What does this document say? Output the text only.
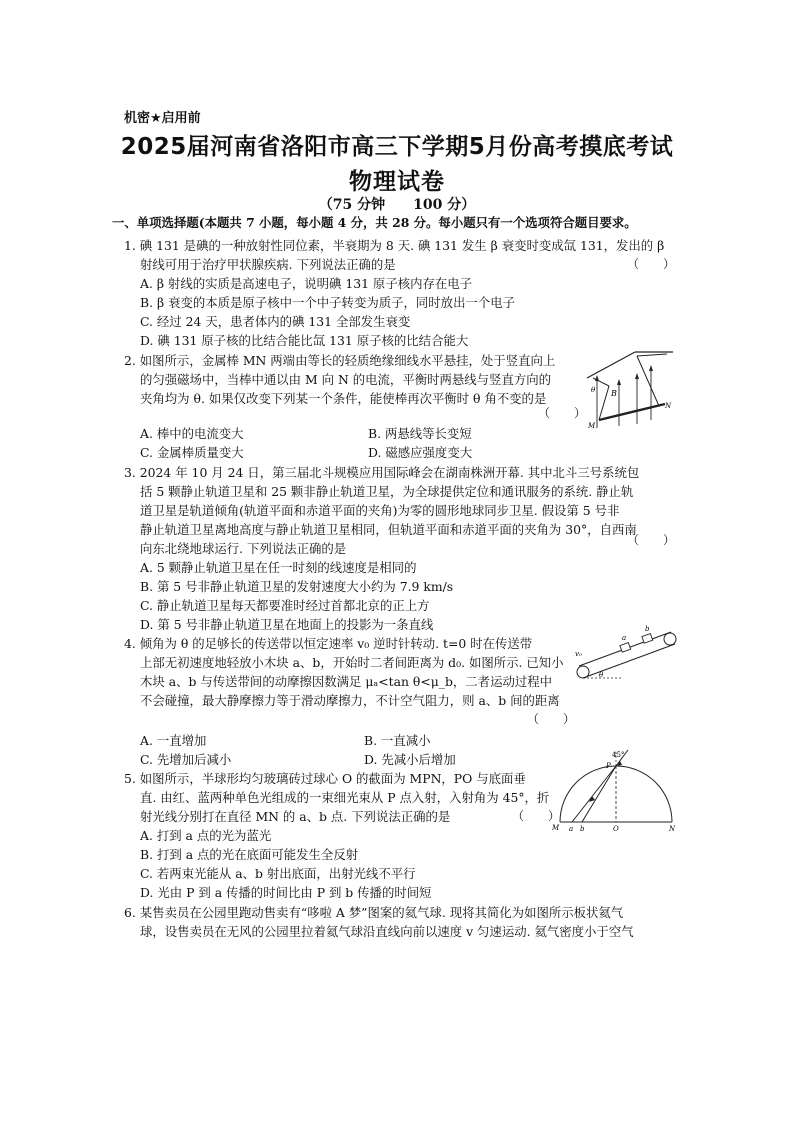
机密★启用前
2025届河南省洛阳市高三下学期5月份高考摸底考试
物理试卷
（75 分钟　　100 分）
一、单项选择题(本题共 7 小题，每小题 4 分，共 28 分。每小题只有一个选项符合题目要求。
1. 碘 131 是碘的一种放射性同位素，半衰期为 8 天. 碘 131 发生 β 衰变时变成氙 131，发出的 β
射线可用于治疗甲状腺疾病. 下列说法正确的是	（　　）
A. β 射线的实质是高速电子，说明碘 131 原子核内存在电子
B. β 衰变的本质是原子核中一个中子转变为质子，同时放出一个电子
C. 经过 24 天，患者体内的碘 131 全部发生衰变
D. 碘 131 原子核的比结合能比氙 131 原子核的比结合能大
2. 如图所示，金属棒 MN 两端由等长的轻质绝缘细线水平悬挂，处于竖直向上
的匀强磁场中，当棒中通以由 M 向 N 的电流，平衡时两悬线与竖直方向的
夹角均为 θ. 如果仅改变下列某一个条件，能使棒再次平衡时 θ 角不变的是
（　　）
A. 棒中的电流变大	B. 两悬线等长变短
C. 金属棒质量变大	D. 磁感应强度变大
θ B
M
N
3. 2024 年 10 月 24 日，第三届北斗规模应用国际峰会在湖南株洲开幕. 其中北斗三号系统包
括 5 颗静止轨道卫星和 25 颗非静止轨道卫星，为全球提供定位和通讯服务的系统. 静止轨
道卫星是轨道倾角(轨道平面和赤道平面的夹角)为零的圆形地球同步卫星. 假设第 5 号非
静止轨道卫星离地高度与静止轨道卫星相同，但轨道平面和赤道平面的夹角为 30°，自西南
向东北绕地球运行. 下列说法正确的是
（　　）
A. 5 颗静止轨道卫星在任一时刻的线速度是相同的
B. 第 5 号非静止轨道卫星的发射速度大小约为 7.9 km/s
C. 静止轨道卫星每天都要准时经过首都北京的正上方
D. 第 5 号非静止轨道卫星在地面上的投影为一条直线
4. 倾角为 θ 的足够长的传送带以恒定速率 v₀ 逆时针转动. t=0 时在传送带
上部无初速度地轻放小木块 a、b，开始时二者间距离为 d₀. 如图所示. 已知小
木块 a、b 与传送带间的动摩擦因数满足 μₐ<tan θ<μ_b，二者运动过程中
不会碰撞，最大静摩擦力等于滑动摩擦力，不计空气阻力，则 a、b 间的距离
（　　）
A. 一直增加	B. 一直减小
C. 先增加后减小	D. 先减小后增加
a
b
v₀
θ
5. 如图所示，半球形均匀玻璃砖过球心 O 的截面为 MPN，PO 与底面垂
直. 由红、蓝两种单色光组成的一束细光束从 P 点入射，入射角为 45°，折
射光线分别打在直径 MN 的 a、b 点. 下列说法正确的是	（　　）
A. 打到 a 点的光为蓝光
B. 打到 a 点的光在底面可能发生全反射
C. 若两束光能从 a、b 射出底面，出射光线不平行
D. 光由 P 到 a 传播的时间比由 P 到 b 传播的时间短
45°
P
M a b	O	N
6. 某售卖员在公园里跑动售卖有“哆啦 A 梦”图案的氦气球. 现将其简化为如图所示板状氦气
球，设售卖员在无风的公园里拉着氦气球沿直线向前以速度 v 匀速运动. 氦气密度小于空气
